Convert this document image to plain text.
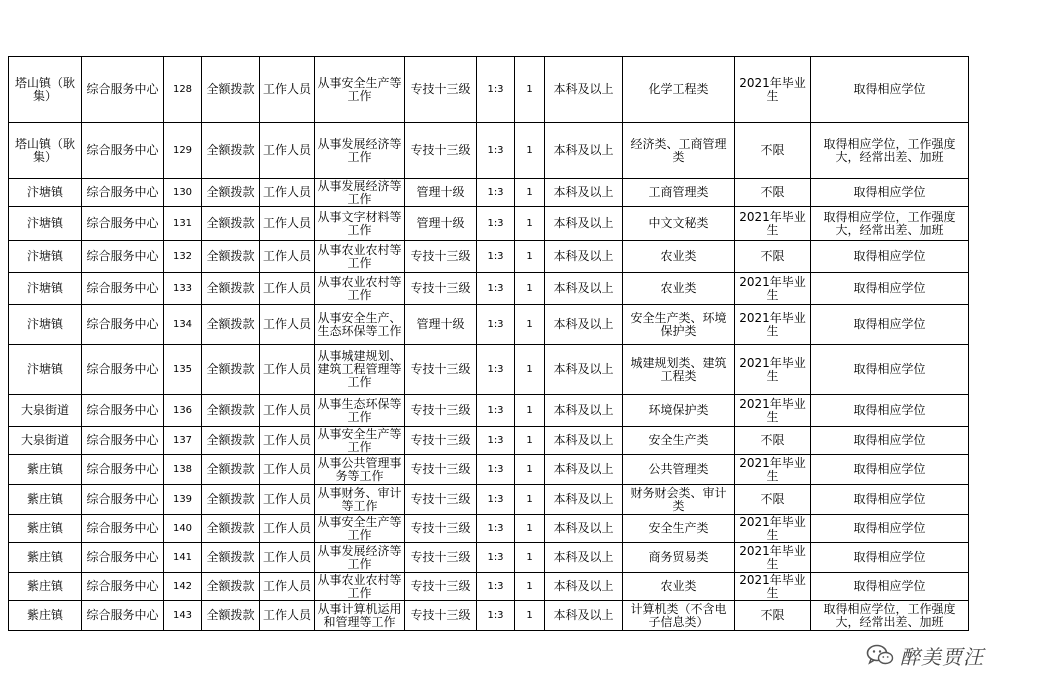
塔山镇（耿集）	综合服务中心	128	全额拨款	工作人员	从事安全生产等工作	专技十三级	1:3	1	本科及以上	化学工程类	2021年毕业生	取得相应学位
塔山镇（耿集）	综合服务中心	129	全额拨款	工作人员	从事发展经济等工作	专技十三级	1:3	1	本科及以上	经济类、工商管理类	不限	取得相应学位，工作强度大，经常出差、加班
汴塘镇	综合服务中心	130	全额拨款	工作人员	从事发展经济等工作	管理十级	1:3	1	本科及以上	工商管理类	不限	取得相应学位
汴塘镇	综合服务中心	131	全额拨款	工作人员	从事文字材料等工作	管理十级	1:3	1	本科及以上	中文文秘类	2021年毕业生	取得相应学位，工作强度大，经常出差、加班
汴塘镇	综合服务中心	132	全额拨款	工作人员	从事农业农村等工作	专技十三级	1:3	1	本科及以上	农业类	不限	取得相应学位
汴塘镇	综合服务中心	133	全额拨款	工作人员	从事农业农村等工作	专技十三级	1:3	1	本科及以上	农业类	2021年毕业生	取得相应学位
汴塘镇	综合服务中心	134	全额拨款	工作人员	从事安全生产、生态环保等工作	管理十级	1:3	1	本科及以上	安全生产类、环境保护类	2021年毕业生	取得相应学位
汴塘镇	综合服务中心	135	全额拨款	工作人员	从事城建规划、建筑工程管理等工作	专技十三级	1:3	1	本科及以上	城建规划类、建筑工程类	2021年毕业生	取得相应学位
大泉街道	综合服务中心	136	全额拨款	工作人员	从事生态环保等工作	专技十三级	1:3	1	本科及以上	环境保护类	2021年毕业生	取得相应学位
大泉街道	综合服务中心	137	全额拨款	工作人员	从事安全生产等工作	专技十三级	1:3	1	本科及以上	安全生产类	不限	取得相应学位
紫庄镇	综合服务中心	138	全额拨款	工作人员	从事公共管理事务等工作	专技十三级	1:3	1	本科及以上	公共管理类	2021年毕业生	取得相应学位
紫庄镇	综合服务中心	139	全额拨款	工作人员	从事财务、审计等工作	专技十三级	1:3	1	本科及以上	财务财会类、审计类	不限	取得相应学位
紫庄镇	综合服务中心	140	全额拨款	工作人员	从事安全生产等工作	专技十三级	1:3	1	本科及以上	安全生产类	2021年毕业生	取得相应学位
紫庄镇	综合服务中心	141	全额拨款	工作人员	从事发展经济等工作	专技十三级	1:3	1	本科及以上	商务贸易类	2021年毕业生	取得相应学位
紫庄镇	综合服务中心	142	全额拨款	工作人员	从事农业农村等工作	专技十三级	1:3	1	本科及以上	农业类	2021年毕业生	取得相应学位
紫庄镇	综合服务中心	143	全额拨款	工作人员	从事计算机运用和管理等工作	专技十三级	1:3	1	本科及以上	计算机类（不含电子信息类）	不限	取得相应学位，工作强度大，经常出差、加班
醉美贾汪
